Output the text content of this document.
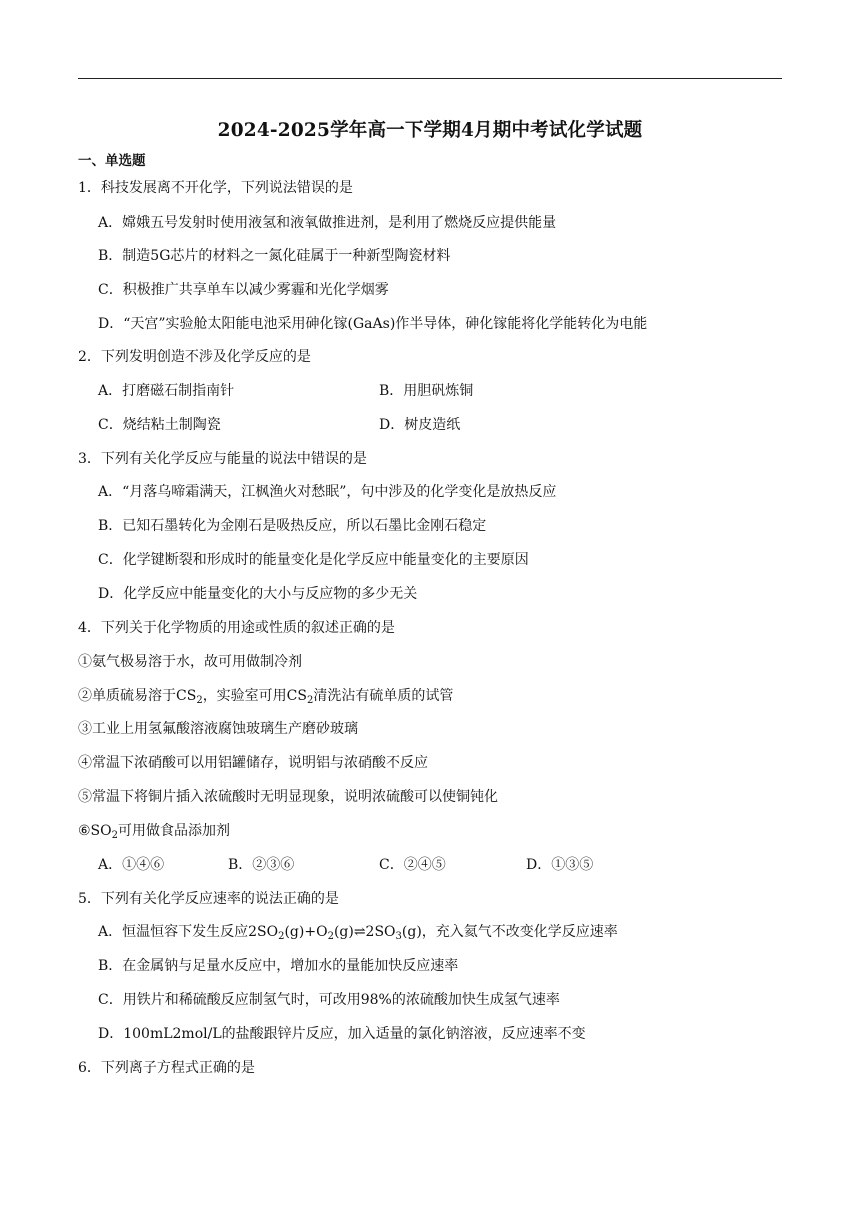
2024-2025学年高一下学期4月期中考试化学试题
一、单选题
1．科技发展离不开化学，下列说法错误的是
A．嫦娥五号发射时使用液氢和液氧做推进剂，是利用了燃烧反应提供能量
B．制造5G芯片的材料之一氮化硅属于一种新型陶瓷材料
C．积极推广共享单车以减少雾霾和光化学烟雾
D．“天宫”实验舱太阳能电池采用砷化镓(GaAs)作半导体，砷化镓能将化学能转化为电能
2．下列发明创造不涉及化学反应的是
A．打磨磁石制指南针	B．用胆矾炼铜
C．烧结粘土制陶瓷	D．树皮造纸
3．下列有关化学反应与能量的说法中错误的是
A．“月落乌啼霜满天，江枫渔火对愁眠”，句中涉及的化学变化是放热反应
B．已知石墨转化为金刚石是吸热反应，所以石墨比金刚石稳定
C．化学键断裂和形成时的能量变化是化学反应中能量变化的主要原因
D．化学反应中能量变化的大小与反应物的多少无关
4．下列关于化学物质的用途或性质的叙述正确的是
①氨气极易溶于水，故可用做制冷剂
②单质硫易溶于$CS_2$，实验室可用$CS_2$清洗沾有硫单质的试管
③工业上用氢氟酸溶液腐蚀玻璃生产磨砂玻璃
④常温下浓硝酸可以用铝罐储存，说明铝与浓硝酸不反应
⑤常温下将铜片插入浓硫酸时无明显现象，说明浓硫酸可以使铜钝化
$⑥SO_2$可用做食品添加剂
A．①④⑥	B．②③⑥	C．②④⑤	D．①③⑤
5．下列有关化学反应速率的说法正确的是
A．恒温恒容下发生反应$2SO_2(g)+O_2(g)\rightleftharpoons 2SO_3(g)$，充入氦气不改变化学反应速率
B．在金属钠与足量水反应中，增加水的量能加快反应速率
C．用铁片和稀硫酸反应制氢气时，可改用98%的浓硫酸加快生成氢气速率
D．100mL2mol/L的盐酸跟锌片反应，加入适量的氯化钠溶液，反应速率不变
6．下列离子方程式正确的是
